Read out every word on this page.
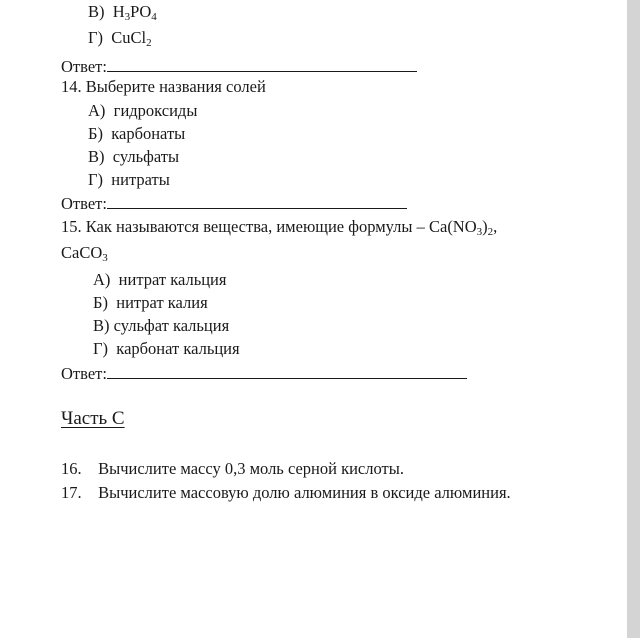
В) $H_3PO_4$
Г) CuCl$_2$
Ответ:
14. Выберите названия солей
А) гидроксиды
Б) карбонаты
В) сульфаты
Г) нитраты
Ответ:
15. Как называются вещества, имеющие формулы – $Ca(NO_3)_2$,
CaCO$_3$
А) нитрат кальция
Б) нитрат калия
В) сульфат кальция
Г) карбонат кальция
Ответ:
Часть С
16. Вычислите массу 0,3 моль серной кислоты.
17. Вычислите массовую долю алюминия в оксиде алюминия.
